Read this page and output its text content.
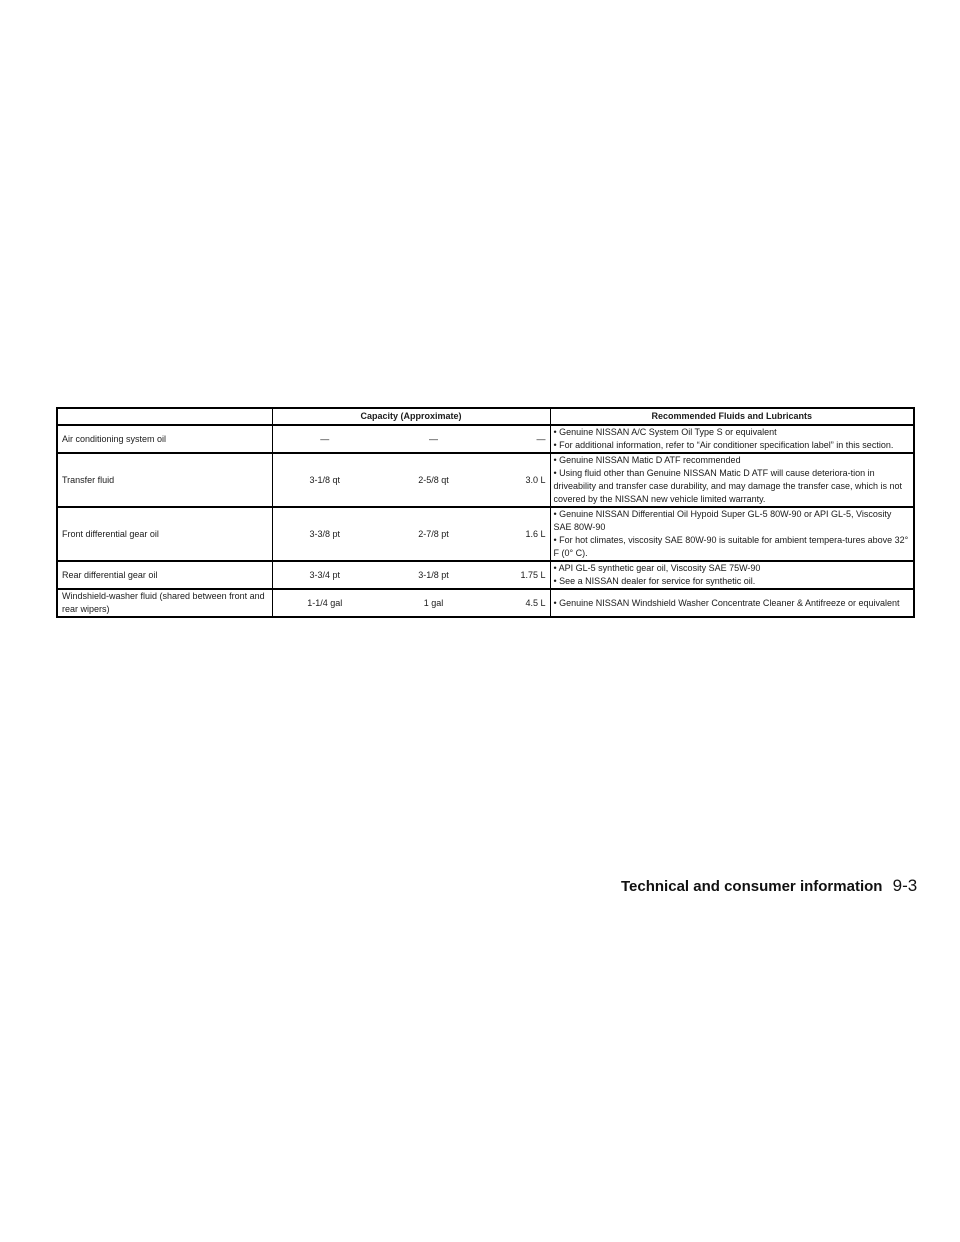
	Capacity (Approximate)			Recommended Fluids and Lubricants
Air conditioning system oil	—	—	—	• Genuine NISSAN A/C System Oil Type S or equivalent
• For additional information, refer to “Air conditioner specification label” in this section.

Transfer fluid	3-1/8 qt	2-5/8 qt	3.0 L	• Genuine NISSAN Matic D ATF recommended
• Using fluid other than Genuine NISSAN Matic D ATF will cause deteriora-tion in driveability and transfer case durability, and may damage the transfer case, which is not covered by the NISSAN new vehicle limited warranty.

Front differential gear oil	3-3/8 pt	2-7/8 pt	1.6 L	• Genuine NISSAN Differential Oil Hypoid Super GL-5 80W-90 or API GL-5, Viscosity SAE 80W-90
• For hot climates, viscosity SAE 80W-90 is suitable for ambient tempera-tures above 32° F (0° C).

Rear differential gear oil	3-3/4 pt	3-1/8 pt	1.75 L	• API GL-5 synthetic gear oil, Viscosity SAE 75W-90
• See a NISSAN dealer for service for synthetic oil.

Windshield-washer fluid (shared between front and rear wipers)	1-1/4 gal	1 gal	4.5 L	• Genuine NISSAN Windshield Washer Concentrate Cleaner & Antifreeze or equivalent
Technical and consumer information 9-3
